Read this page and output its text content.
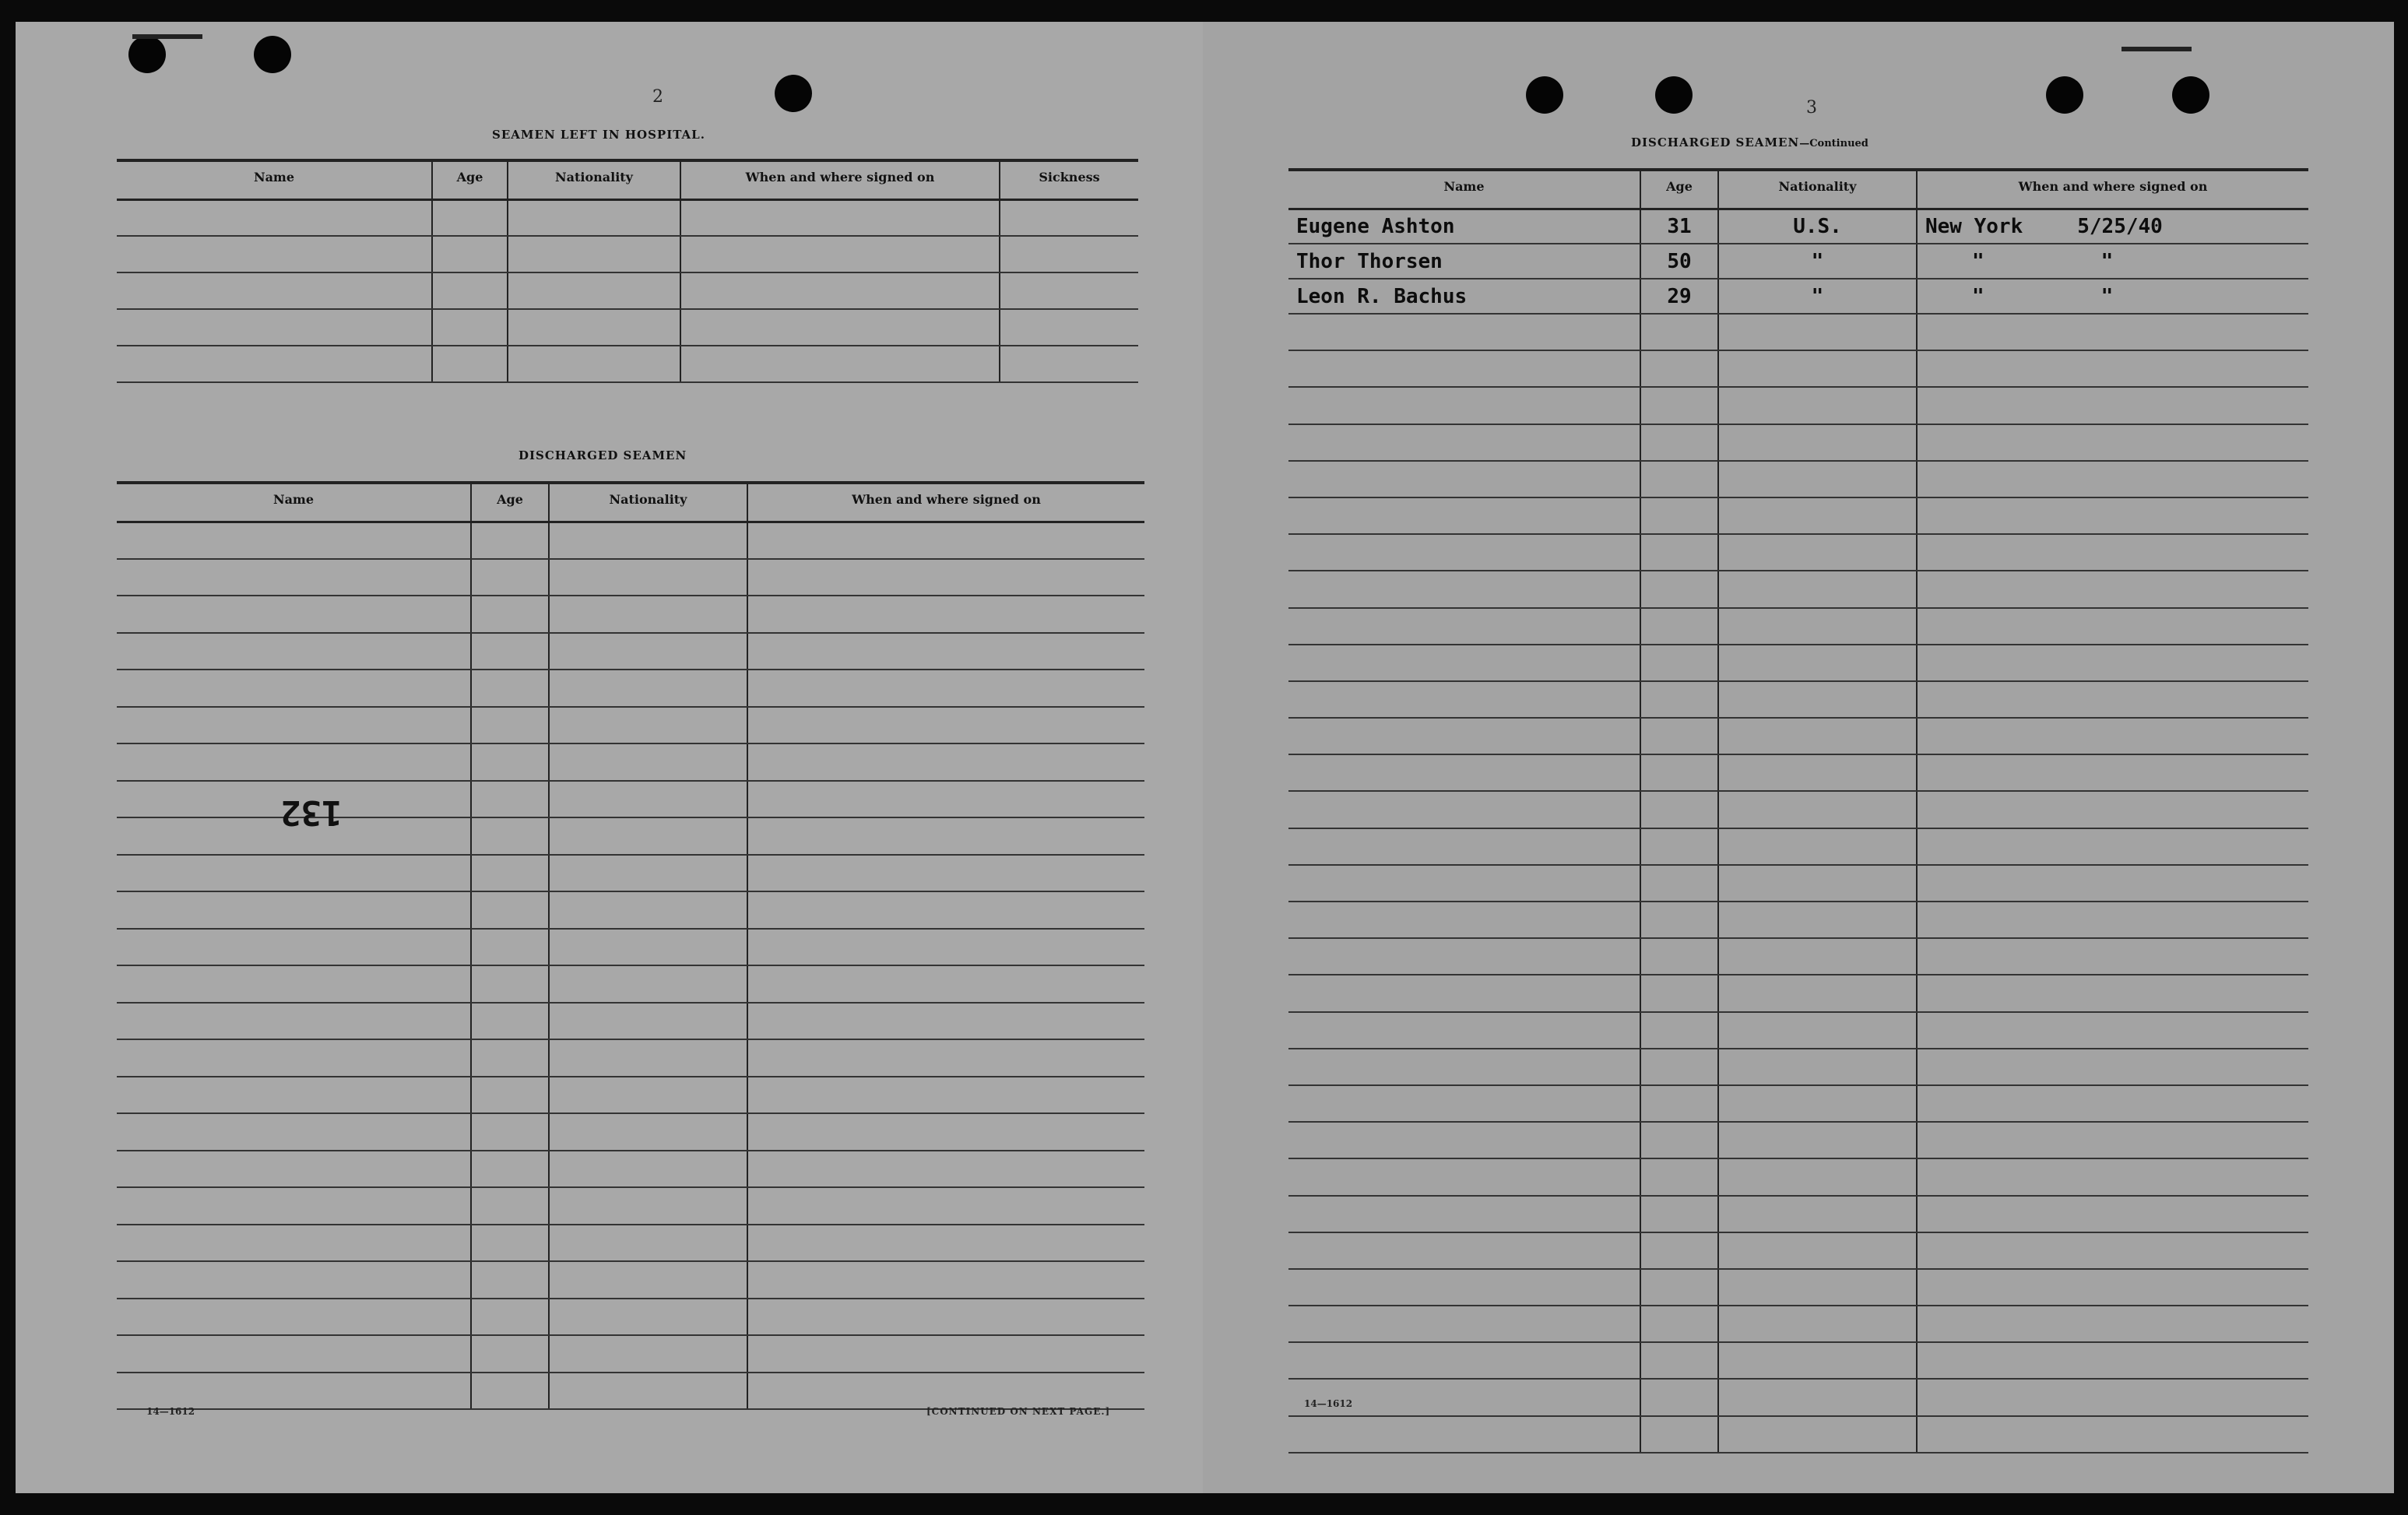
2
SEAMEN LEFT IN HOSPITAL.
Name	Age	Nationality	When and where signed on	Sickness

DISCHARGED SEAMEN
Name	Age	Nationality	When and where signed on

132
14—1612	[CONTINUED ON NEXT PAGE.]
3
DISCHARGED SEAMEN—Continued
Name	Age	Nationality	When and where signed on
Eugene Ashton	31	U.S.	New York 5/25/40
Thor Thorsen	50	"	" "
Leon R. Bachus	29	"	" "

14—1612
